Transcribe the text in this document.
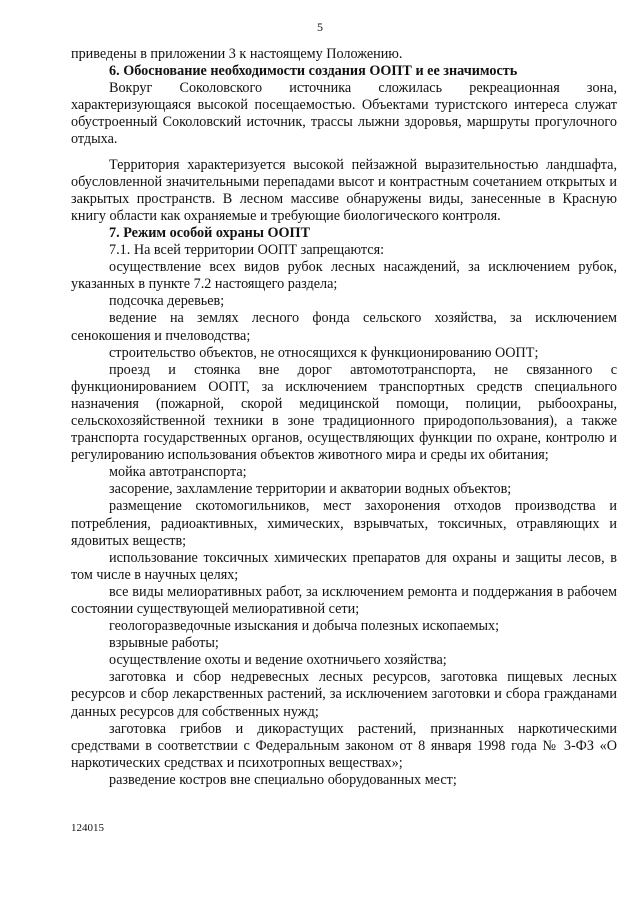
5

приведены в приложении 3 к настоящему Положению.

6. Обоснование необходимости создания ООПТ и ее значимость

Вокруг Соколовского источника сложилась рекреационная зона, характеризующаяся высокой посещаемостью. Объектами туристского интереса служат обустроенный Соколовский источник, трассы лыжни здоровья, маршруты прогулочного отдыха.

Территория характеризуется высокой пейзажной выразительностью ландшафта, обусловленной значительными перепадами высот и контрастным сочетанием открытых и закрытых пространств. В лесном массиве обнаружены виды, занесенные в Красную книгу области как охраняемые и требующие биологического контроля.

7. Режим особой охраны ООПТ

7.1. На всей территории ООПТ запрещаются:

осуществление всех видов рубок лесных насаждений, за исключением рубок, указанных в пункте 7.2 настоящего раздела;

подсочка деревьев;

ведение на землях лесного фонда сельского хозяйства, за исключением сенокошения и пчеловодства;

строительство объектов, не относящихся к функционированию ООПТ;

проезд и стоянка вне дорог автомототранспорта, не связанного с функционированием ООПТ, за исключением транспортных средств специального назначения (пожарной, скорой медицинской помощи, полиции, рыбоохраны, сельскохозяйственной техники в зоне традиционного природопользования), а также транспорта государственных органов, осуществляющих функции по охране, контролю и регулированию использования объектов животного мира и среды их обитания;

мойка автотранспорта;

засорение, захламление территории и акватории водных объектов;

размещение скотомогильников, мест захоронения отходов производства и потребления, радиоактивных, химических, взрывчатых, токсичных, отравляющих и ядовитых веществ;

использование токсичных химических препаратов для охраны и защиты лесов, в том числе в научных целях;

все виды мелиоративных работ, за исключением ремонта и поддержания в рабочем состоянии существующей мелиоративной сети;

геологоразведочные изыскания и добыча полезных ископаемых;

взрывные работы;

осуществление охоты и ведение охотничьего хозяйства;

заготовка и сбор недревесных лесных ресурсов, заготовка пищевых лесных ресурсов и сбор лекарственных растений, за исключением заготовки и сбора гражданами данных ресурсов для собственных нужд;

заготовка грибов и дикорастущих растений, признанных наркотическими средствами в соответствии с Федеральным законом от 8 января 1998 года № 3-ФЗ «О наркотических средствах и психотропных веществах»;

разведение костров вне специально оборудованных мест;

124015
